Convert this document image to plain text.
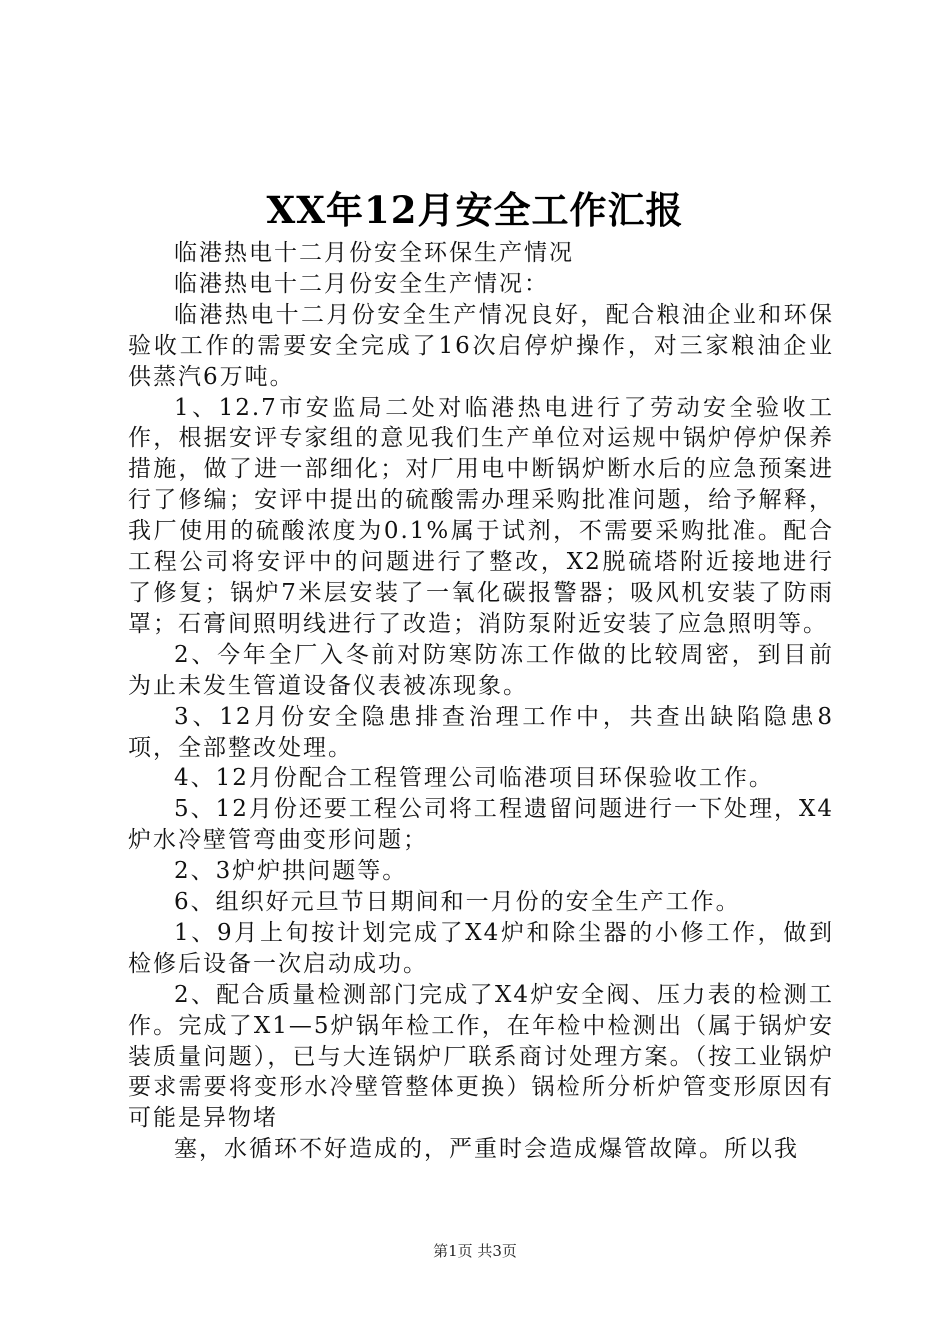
XX年12月安全工作汇报

临港热电十二月份安全环保生产情况

临港热电十二月份安全生产情况：

临港热电十二月份安全生产情况良好，配合粮油企业和环保验收工作的需要安全完成了16次启停炉操作，对三家粮油企业供蒸汽6万吨。

1、12.7市安监局二处对临港热电进行了劳动安全验收工作，根据安评专家组的意见我们生产单位对运规中锅炉停炉保养措施，做了进一部细化；对厂用电中断锅炉断水后的应急预案进行了修编；安评中提出的硫酸需办理采购批准问题，给予解释，我厂使用的硫酸浓度为0.1%属于试剂，不需要采购批准。配合工程公司将安评中的问题进行了整改，X2脱硫塔附近接地进行了修复；锅炉7米层安装了一氧化碳报警器；吸风机安装了防雨罩；石膏间照明线进行了改造；消防泵附近安装了应急照明等。

2、今年全厂入冬前对防寒防冻工作做的比较周密，到目前为止未发生管道设备仪表被冻现象。

3、12月份安全隐患排查治理工作中，共查出缺陷隐患8项，全部整改处理。

4、12月份配合工程管理公司临港项目环保验收工作。

5、12月份还要工程公司将工程遗留问题进行一下处理，X4炉水冷壁管弯曲变形问题；

2、3炉炉拱问题等。

6、组织好元旦节日期间和一月份的安全生产工作。

1、9月上旬按计划完成了X4炉和除尘器的小修工作，做到检修后设备一次启动成功。

2、配合质量检测部门完成了X4炉安全阀、压力表的检测工作。完成了X1—5炉锅年检工作，在年检中检测出（属于锅炉安装质量问题），已与大连锅炉厂联系商讨处理方案。（按工业锅炉要求需要将变形水冷壁管整体更换）锅检所分析炉管变形原因有可能是异物堵

塞，水循环不好造成的，严重时会造成爆管故障。所以我

第1页 共3页
